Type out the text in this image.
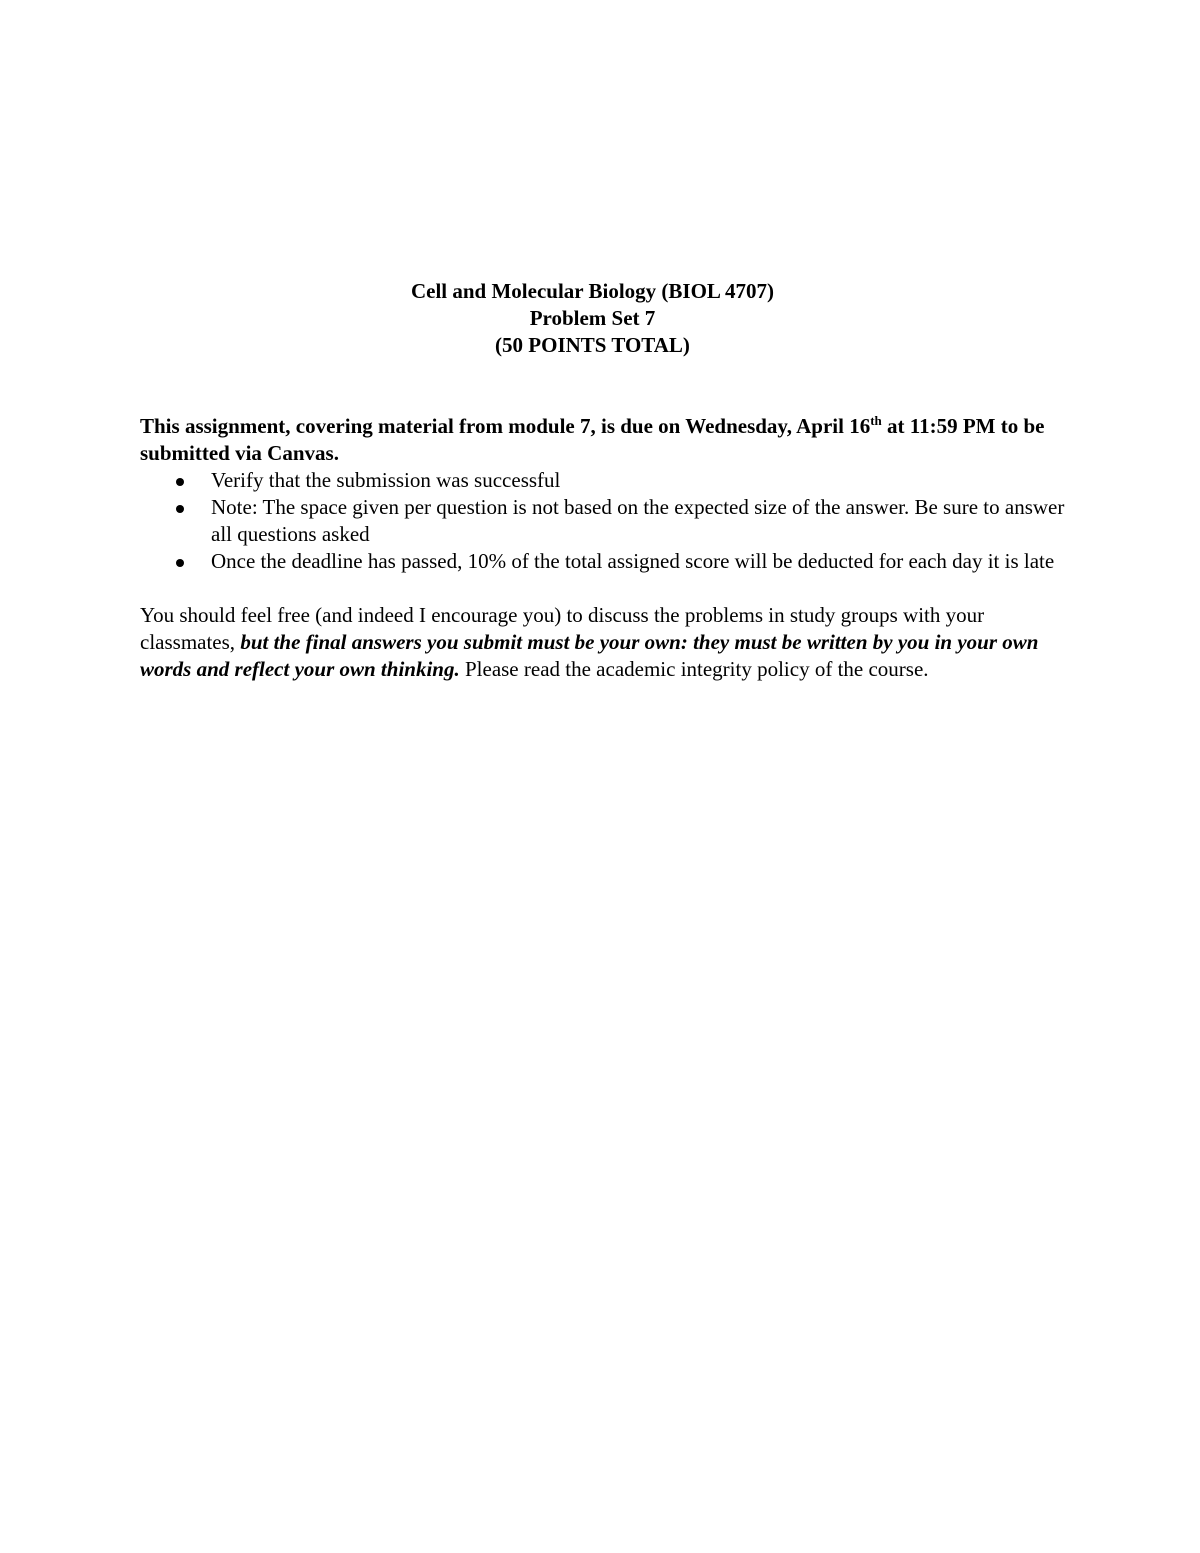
Cell and Molecular Biology (BIOL 4707)
Problem Set 7
(50 POINTS TOTAL)

This assignment, covering material from module 7, is due on Wednesday, April 16th at 11:59 PM to be submitted via Canvas.

Verify that the submission was successful
Note: The space given per question is not based on the expected size of the answer. Be sure to answer all questions asked
Once the deadline has passed, 10% of the total assigned score will be deducted for each day it is late

You should feel free (and indeed I encourage you) to discuss the problems in study groups with your classmates, but the final answers you submit must be your own: they must be written by you in your own words and reflect your own thinking. Please read the academic integrity policy of the course.
